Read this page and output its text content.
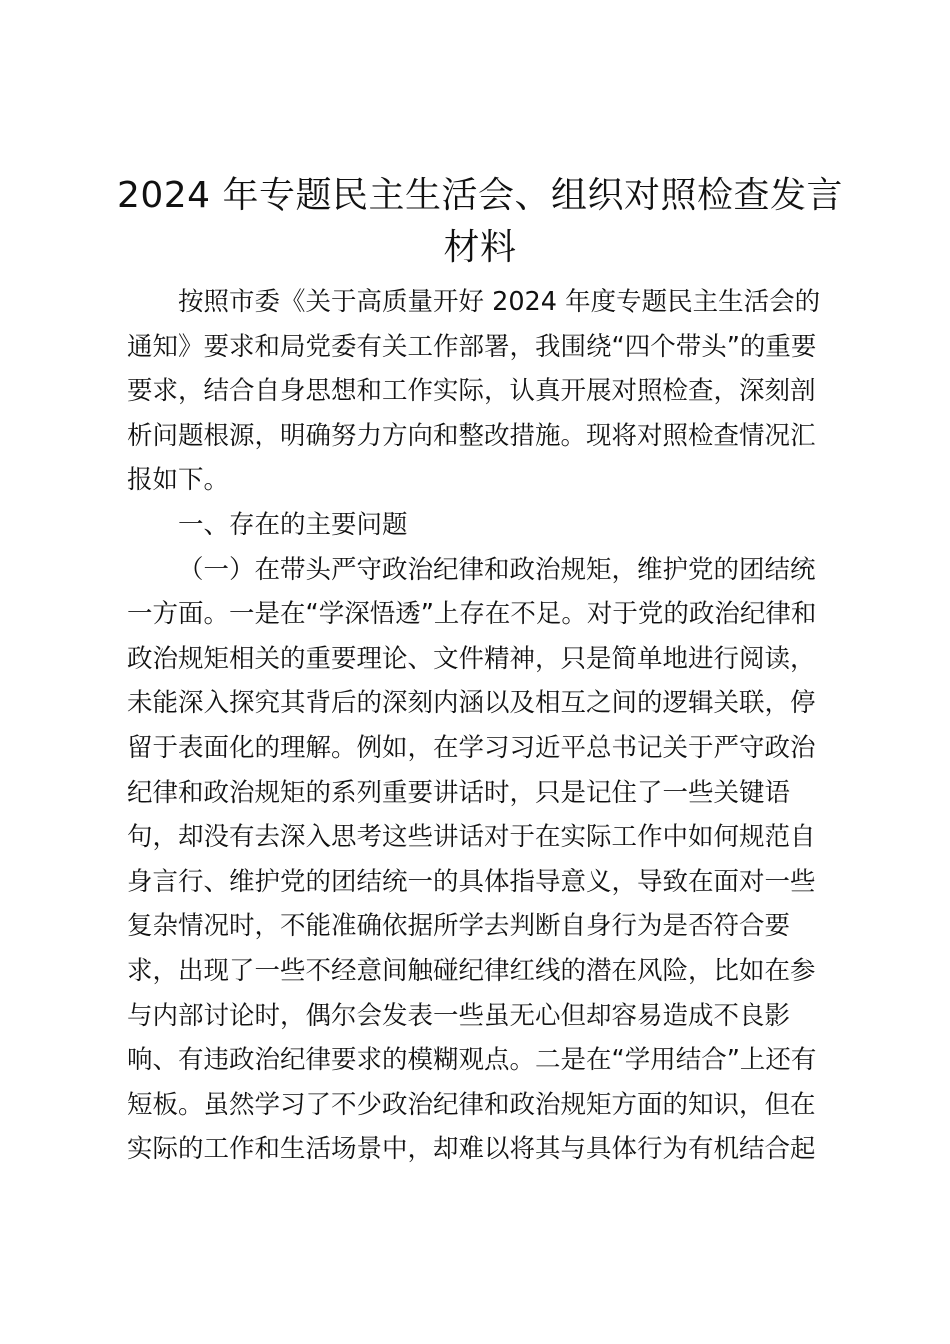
2024 年专题民主生活会、组织对照检查发言
材料
按照市委《关于高质量开好 2024 年度专题民主生活会的
通知》要求和局党委有关工作部署，我围绕“四个带头”的重要
要求，结合自身思想和工作实际，认真开展对照检查，深刻剖
析问题根源，明确努力方向和整改措施。现将对照检查情况汇
报如下。
一、存在的主要问题
（一）在带头严守政治纪律和政治规矩，维护党的团结统
一方面。一是在“学深悟透”上存在不足。对于党的政治纪律和
政治规矩相关的重要理论、文件精神，只是简单地进行阅读，
未能深入探究其背后的深刻内涵以及相互之间的逻辑关联，停
留于表面化的理解。例如，在学习习近平总书记关于严守政治
纪律和政治规矩的系列重要讲话时，只是记住了一些关键语
句，却没有去深入思考这些讲话对于在实际工作中如何规范自
身言行、维护党的团结统一的具体指导意义，导致在面对一些
复杂情况时，不能准确依据所学去判断自身行为是否符合要
求，出现了一些不经意间触碰纪律红线的潜在风险，比如在参
与内部讨论时，偶尔会发表一些虽无心但却容易造成不良影
响、有违政治纪律要求的模糊观点。二是在“学用结合”上还有
短板。虽然学习了不少政治纪律和政治规矩方面的知识，但在
实际的工作和生活场景中，却难以将其与具体行为有机结合起
